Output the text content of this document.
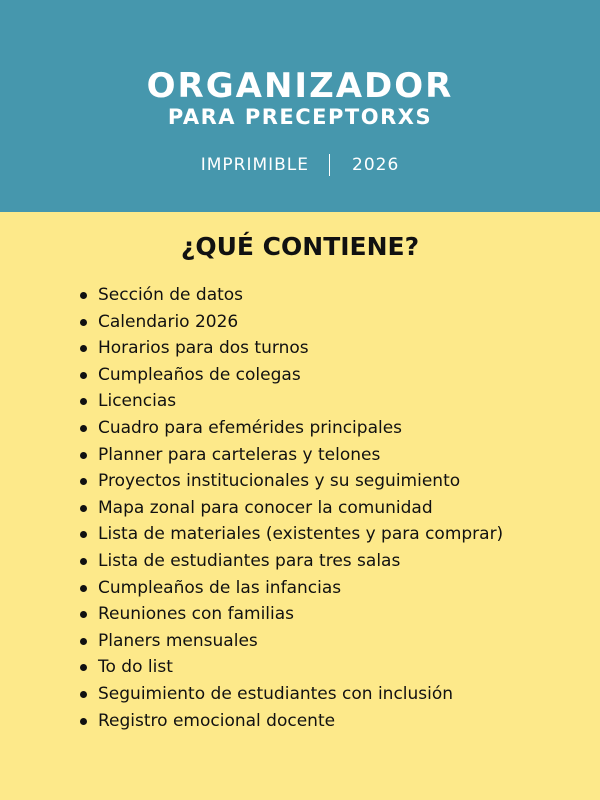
ORGANIZADOR
PARA PRECEPTORXS
IMPRIMIBLE	2026
¿QUÉ CONTIENE?
Sección de datos
Calendario 2026
Horarios para dos turnos
Cumpleaños de colegas
Licencias
Cuadro para efemérides principales
Planner para carteleras y telones
Proyectos institucionales y su seguimiento
Mapa zonal para conocer la comunidad
Lista de materiales (existentes y para comprar)
Lista de estudiantes para tres salas
Cumpleaños de las infancias
Reuniones con familias
Planers mensuales
To do list
Seguimiento de estudiantes con inclusión
Registro emocional docente
